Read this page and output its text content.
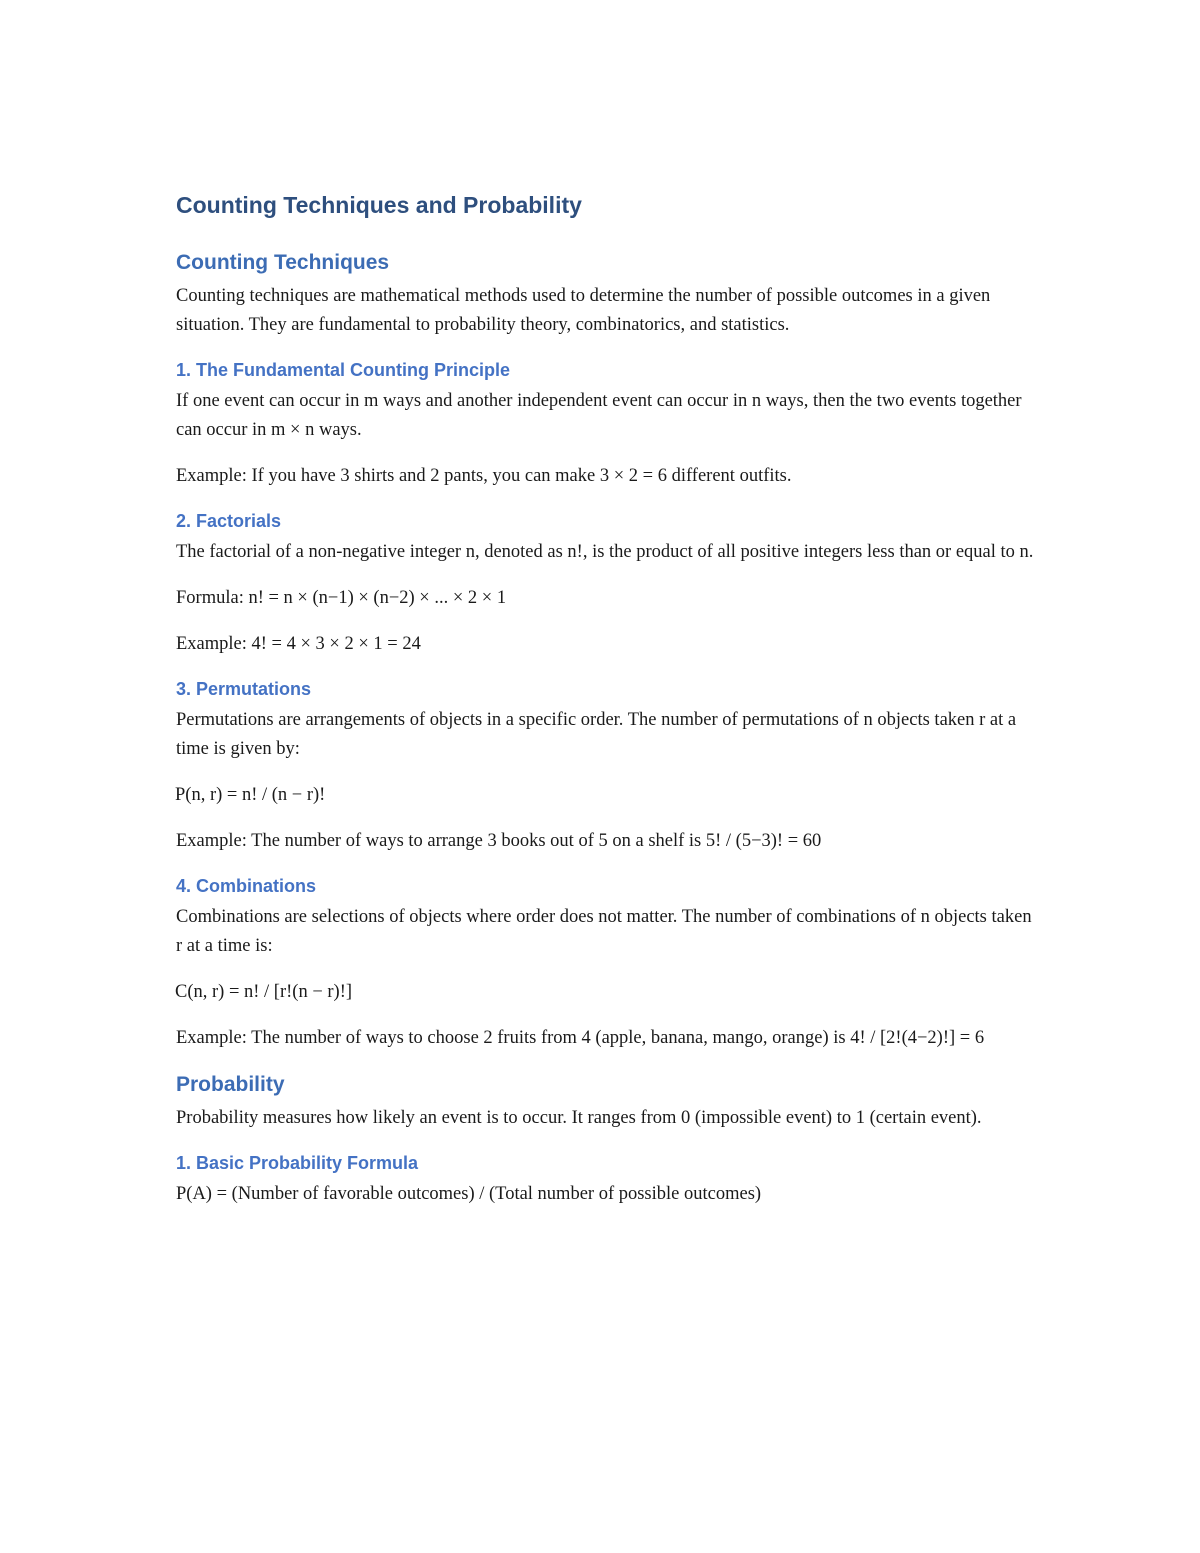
Counting Techniques and Probability
Counting Techniques

Counting techniques are mathematical methods used to determine the number of possible outcomes in a given situation. They are fundamental to probability theory, combinatorics, and statistics.

1. The Fundamental Counting Principle

If one event can occur in m ways and another independent event can occur in n ways, then the two events together can occur in m × n ways.

Example: If you have 3 shirts and 2 pants, you can make 3 × 2 = 6 different outfits.

2. Factorials

The factorial of a non-negative integer n, denoted as n!, is the product of all positive integers less than or equal to n.

Formula: n! = n × (n−1) × (n−2) × ... × 2 × 1

Example: 4! = 4 × 3 × 2 × 1 = 24

3. Permutations

Permutations are arrangements of objects in a specific order. The number of permutations of n objects taken r at a time is given by:

P(n, r) = n! / (n − r)!

Example: The number of ways to arrange 3 books out of 5 on a shelf is 5! / (5−3)! = 60

4. Combinations

Combinations are selections of objects where order does not matter. The number of combinations of n objects taken r at a time is:

C(n, r) = n! / [r!(n − r)!]

Example: The number of ways to choose 2 fruits from 4 (apple, banana, mango, orange) is 4! / [2!(4−2)!] = 6

Probability

Probability measures how likely an event is to occur. It ranges from 0 (impossible event) to 1 (certain event).

1. Basic Probability Formula

P(A) = (Number of favorable outcomes) / (Total number of possible outcomes)
